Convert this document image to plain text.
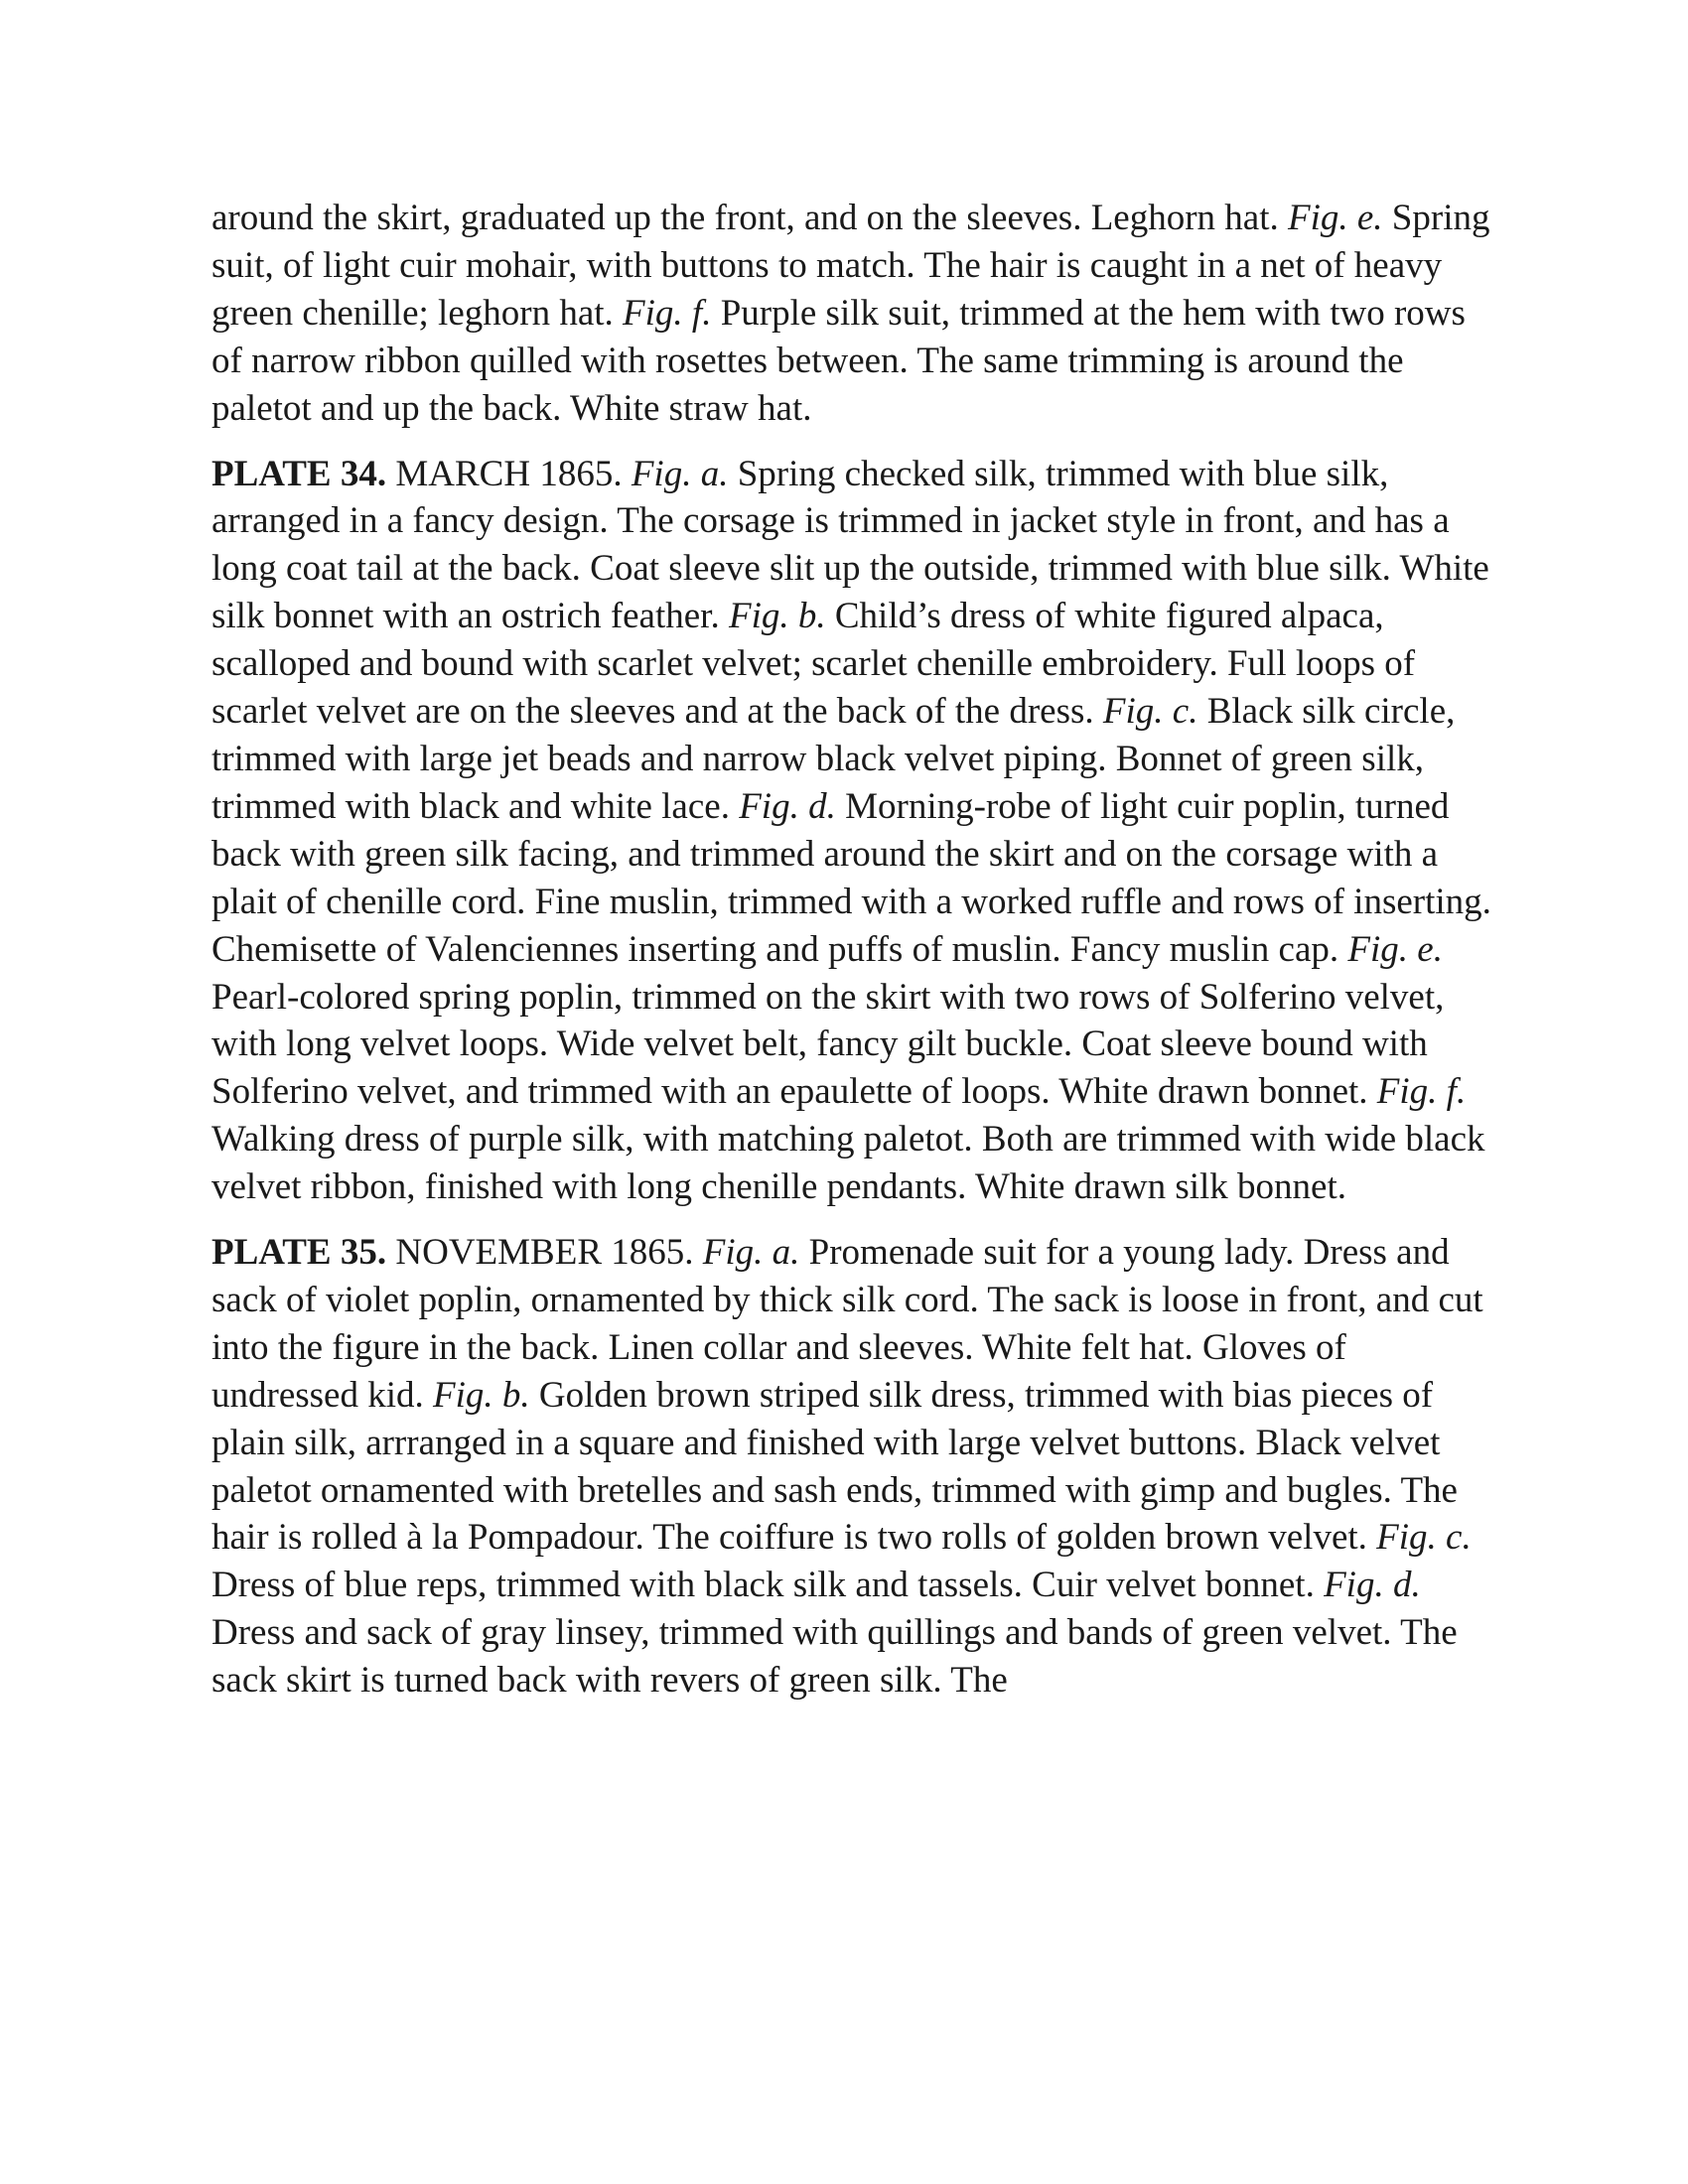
around the skirt, graduated up the front, and on the sleeves. Leghorn hat. Fig. e. Spring suit, of light cuir mohair, with buttons to match. The hair is caught in a net of heavy green chenille; leghorn hat. Fig. f. Purple silk suit, trimmed at the hem with two rows of narrow ribbon quilled with rosettes between. The same trimming is around the paletot and up the back. White straw hat.

PLATE 34. MARCH 1865. Fig. a. Spring checked silk, trimmed with blue silk, arranged in a fancy design. The corsage is trimmed in jacket style in front, and has a long coat tail at the back. Coat sleeve slit up the outside, trimmed with blue silk. White silk bonnet with an ostrich feather. Fig. b. Child’s dress of white figured alpaca, scalloped and bound with scarlet velvet; scarlet chenille embroidery. Full loops of scarlet velvet are on the sleeves and at the back of the dress. Fig. c. Black silk circle, trimmed with large jet beads and narrow black velvet piping. Bonnet of green silk, trimmed with black and white lace. Fig. d. Morning-robe of light cuir poplin, turned back with green silk facing, and trimmed around the skirt and on the corsage with a plait of chenille cord. Fine muslin, trimmed with a worked ruffle and rows of inserting. Chemisette of Valenciennes inserting and puffs of muslin. Fancy muslin cap. Fig. e. Pearl-colored spring poplin, trimmed on the skirt with two rows of Solferino velvet, with long velvet loops. Wide velvet belt, fancy gilt buckle. Coat sleeve bound with Solferino velvet, and trimmed with an epaulette of loops. White drawn bonnet. Fig. f. Walking dress of purple silk, with matching paletot. Both are trimmed with wide black velvet ribbon, finished with long chenille pendants. White drawn silk bonnet.

PLATE 35. NOVEMBER 1865. Fig. a. Promenade suit for a young lady. Dress and sack of violet poplin, ornamented by thick silk cord. The sack is loose in front, and cut into the figure in the back. Linen collar and sleeves. White felt hat. Gloves of undressed kid. Fig. b. Golden brown striped silk dress, trimmed with bias pieces of plain silk, arrranged in a square and finished with large velvet buttons. Black velvet paletot ornamented with bretelles and sash ends, trimmed with gimp and bugles. The hair is rolled à la Pompadour. The coiffure is two rolls of golden brown velvet. Fig. c. Dress of blue reps, trimmed with black silk and tassels. Cuir velvet bonnet. Fig. d. Dress and sack of gray linsey, trimmed with quillings and bands of green velvet. The sack skirt is turned back with revers of green silk. The
